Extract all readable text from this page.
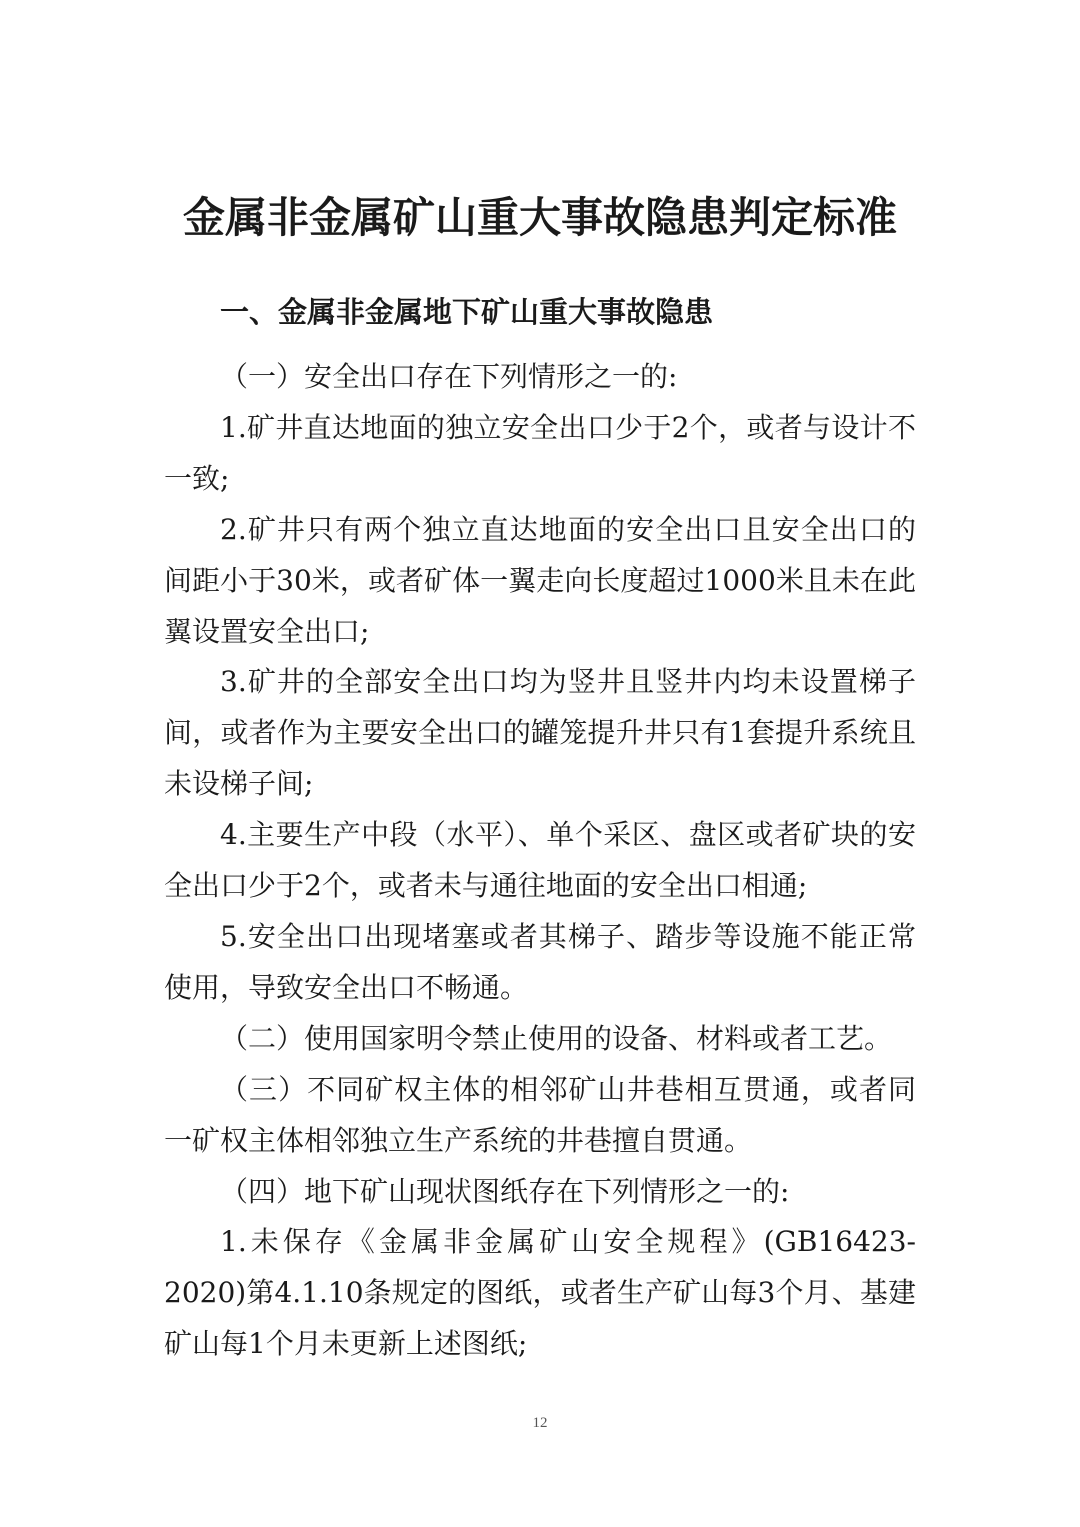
金属非金属矿山重大事故隐患判定标准
一、金属非金属地下矿山重大事故隐患

（一）安全出口存在下列情形之一的:

1.矿井直达地面的独立安全出口少于2个，或者与设计不一致;

2.矿井只有两个独立直达地面的安全出口且安全出口的间距小于30米，或者矿体一翼走向长度超过1000米且未在此翼设置安全出口;

3.矿井的全部安全出口均为竖井且竖井内均未设置梯子间，或者作为主要安全出口的罐笼提升井只有1套提升系统且未设梯子间;

4.主要生产中段（水平）、单个采区、盘区或者矿块的安全出口少于2个，或者未与通往地面的安全出口相通;

5.安全出口出现堵塞或者其梯子、踏步等设施不能正常使用，导致安全出口不畅通。

（二）使用国家明令禁止使用的设备、材料或者工艺。

（三）不同矿权主体的相邻矿山井巷相互贯通，或者同一矿权主体相邻独立生产系统的井巷擅自贯通。

（四）地下矿山现状图纸存在下列情形之一的:

1.未保存《金属非金属矿山安全规程》(GB16423-2020)第4.1.10条规定的图纸，或者生产矿山每3个月、基建矿山每1个月未更新上述图纸;

12
